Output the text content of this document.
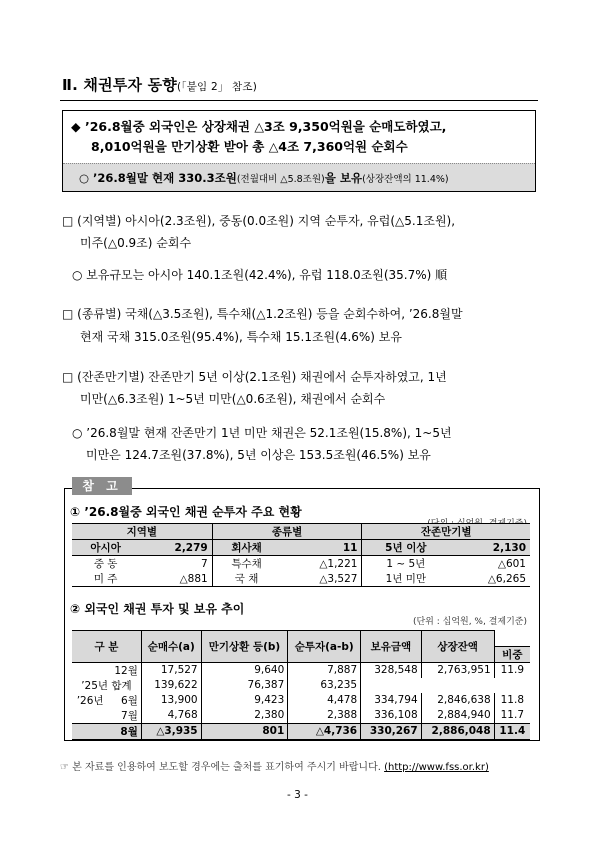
Ⅱ. 채권투자 동향(「붙임 2」 참조)
◆ ’26.8월중 외국인은 상장채권 △3조 9,350억원을 순매도하였고,
8,010억원을 만기상환 받아 총 △4조 7,360억원 순회수
○ ’26.8월말 현재 330.3조원(전월대비 △5.8조원)을 보유(상장잔액의 11.4%)
□ (지역별) 아시아(2.3조원), 중동(0.0조원) 지역 순투자, 유럽(△5.1조원),
미주(△0.9조) 순회수
○ 보유규모는 아시아 140.1조원(42.4%), 유럽 118.0조원(35.7%) 順
□ (종류별) 국채(△3.5조원), 특수채(△1.2조원) 등을 순회수하여, ’26.8월말
현재 국채 315.0조원(95.4%), 특수채 15.1조원(4.6%) 보유
□ (잔존만기별) 잔존만기 5년 이상(2.1조원) 채권에서 순투자하였고, 1년
미만(△6.3조원) 1~5년 미만(△0.6조원), 채권에서 순회수
○ ’26.8월말 현재 잔존만기 1년 미만 채권은 52.1조원(15.8%), 1~5년
미만은 124.7조원(37.8%), 5년 이상은 153.5조원(46.5%) 보유
참 고
① ’26.8월중 외국인 채권 순투자 주요 현황
지역별		종류별		잔존만기별	
아시아	2,279	회사채	11	5년 이상	2,130
중 동	7	특수채	△1,221	1 ~ 5년	△601
미 주	△881	국 채	△3,527	1년 미만	△6,265
② 외국인 채권 투자 및 보유 추이
(단위 : 십억원, %, 결제기준)
구 분		순매수(a)	만기상환 등(b)	순투자(a-b)	보유금액	상장잔액	
							비중
	12월	17,527	9,640	7,887	328,548	2,763,951	11.9
’25년 합계		139,622	76,387	63,235			
’26년	6월	13,900	9,423	4,478	334,794	2,846,638	11.8
	7월	4,768	2,380	2,388	336,108	2,884,940	11.7
	8월	△3,935	801	△4,736	330,267	2,886,048	11.4
☞ 본 자료를 인용하여 보도할 경우에는 출처를 표기하여 주시기 바랍니다. (http://www.fss.or.kr)
- 3 -
